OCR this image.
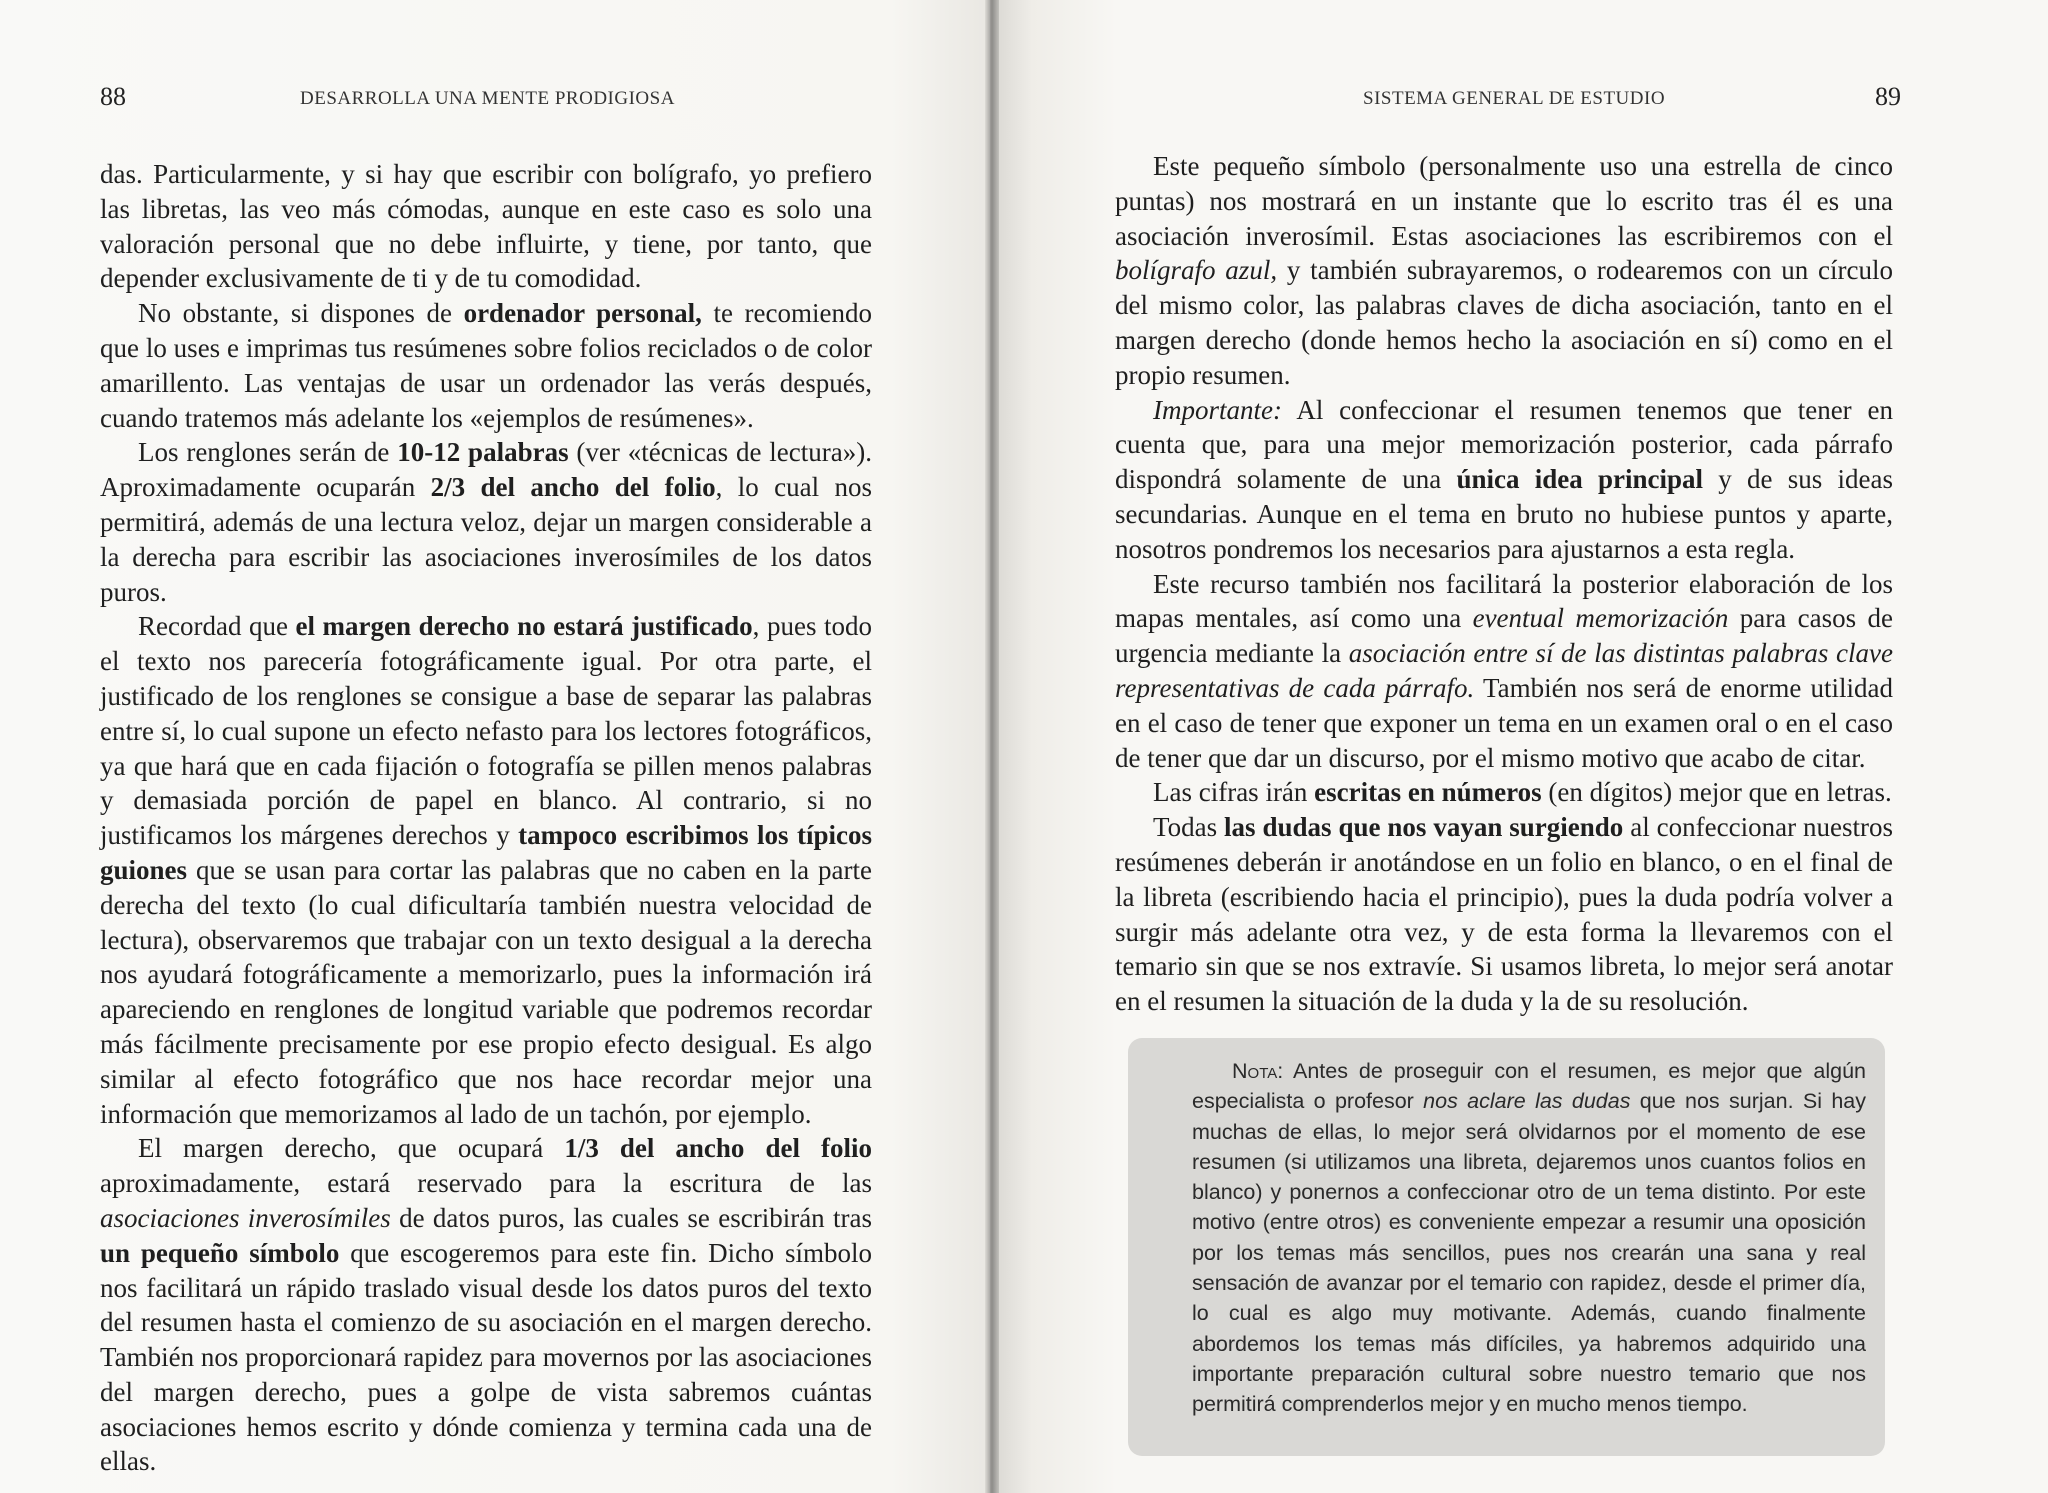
88	DESARROLLA UNA MENTE PRODIGIOSA

das. Particularmente, y si hay que escribir con bolígrafo, yo prefiero las libretas, las veo más cómodas, aunque en este caso es solo una valoración personal que no debe influirte, y tiene, por tanto, que depender exclusivamente de ti y de tu comodidad.

No obstante, si dispones de ordenador personal, te recomiendo que lo uses e imprimas tus resúmenes sobre folios reciclados o de color amarillento. Las ventajas de usar un ordenador las verás después, cuando tratemos más adelante los «ejemplos de resúmenes».

Los renglones serán de 10-12 palabras (ver «técnicas de lectura»). Aproximadamente ocuparán 2/3 del ancho del folio, lo cual nos permitirá, además de una lectura veloz, dejar un margen considerable a la derecha para escribir las asociaciones inverosímiles de los datos puros.

Recordad que el margen derecho no estará justificado, pues todo el texto nos parecería fotográficamente igual. Por otra parte, el justificado de los renglones se consigue a base de separar las palabras entre sí, lo cual supone un efecto nefasto para los lectores fotográficos, ya que hará que en cada fijación o fotografía se pillen menos palabras y demasiada porción de papel en blanco. Al contrario, si no justificamos los márgenes derechos y tampoco escribimos los típicos guiones que se usan para cortar las palabras que no caben en la parte derecha del texto (lo cual dificultaría también nuestra velocidad de lectura), observaremos que trabajar con un texto desigual a la derecha nos ayudará fotográficamente a memorizarlo, pues la información irá apareciendo en renglones de longitud variable que podremos recordar más fácilmente precisamente por ese propio efecto desigual. Es algo similar al efecto fotográfico que nos hace recordar mejor una información que memorizamos al lado de un tachón, por ejemplo.

El margen derecho, que ocupará 1/3 del ancho del folio aproximadamente, estará reservado para la escritura de las asociaciones inverosímiles de datos puros, las cuales se escribirán tras un pequeño símbolo que escogeremos para este fin. Dicho símbolo nos facilitará un rápido traslado visual desde los datos puros del texto del resumen hasta el comienzo de su asociación en el margen derecho. También nos proporcionará rapidez para movernos por las asociaciones del margen derecho, pues a golpe de vista sabremos cuántas asociaciones hemos escrito y dónde comienza y termina cada una de ellas.

SISTEMA GENERAL DE ESTUDIO	89

Este pequeño símbolo (personalmente uso una estrella de cinco puntas) nos mostrará en un instante que lo escrito tras él es una asociación inverosímil. Estas asociaciones las escribiremos con el bolígrafo azul, y también subrayaremos, o rodearemos con un círculo del mismo color, las palabras claves de dicha asociación, tanto en el margen derecho (donde hemos hecho la asociación en sí) como en el propio resumen.

Importante: Al confeccionar el resumen tenemos que tener en cuenta que, para una mejor memorización posterior, cada párrafo dispondrá solamente de una única idea principal y de sus ideas secundarias. Aunque en el tema en bruto no hubiese puntos y aparte, nosotros pondremos los necesarios para ajustarnos a esta regla.

Este recurso también nos facilitará la posterior elaboración de los mapas mentales, así como una eventual memorización para casos de urgencia mediante la asociación entre sí de las distintas palabras clave representativas de cada párrafo. También nos será de enorme utilidad en el caso de tener que exponer un tema en un examen oral o en el caso de tener que dar un discurso, por el mismo motivo que acabo de citar.

Las cifras irán escritas en números (en dígitos) mejor que en letras.

Todas las dudas que nos vayan surgiendo al confeccionar nuestros resúmenes deberán ir anotándose en un folio en blanco, o en el final de la libreta (escribiendo hacia el principio), pues la duda podría volver a surgir más adelante otra vez, y de esta forma la llevaremos con el temario sin que se nos extravíe. Si usamos libreta, lo mejor será anotar en el resumen la situación de la duda y la de su resolución.

Nota: Antes de proseguir con el resumen, es mejor que algún especialista o profesor nos aclare las dudas que nos surjan. Si hay muchas de ellas, lo mejor será olvidarnos por el momento de ese resumen (si utilizamos una libreta, dejaremos unos cuantos folios en blanco) y ponernos a confeccionar otro de un tema distinto. Por este motivo (entre otros) es conveniente empezar a resumir una oposición por los temas más sencillos, pues nos crearán una sana y real sensación de avanzar por el temario con rapidez, desde el primer día, lo cual es algo muy motivante. Además, cuando finalmente abordemos los temas más difíciles, ya habremos adquirido una importante preparación cultural sobre nuestro temario que nos permitirá comprenderlos mejor y en mucho menos tiempo.
